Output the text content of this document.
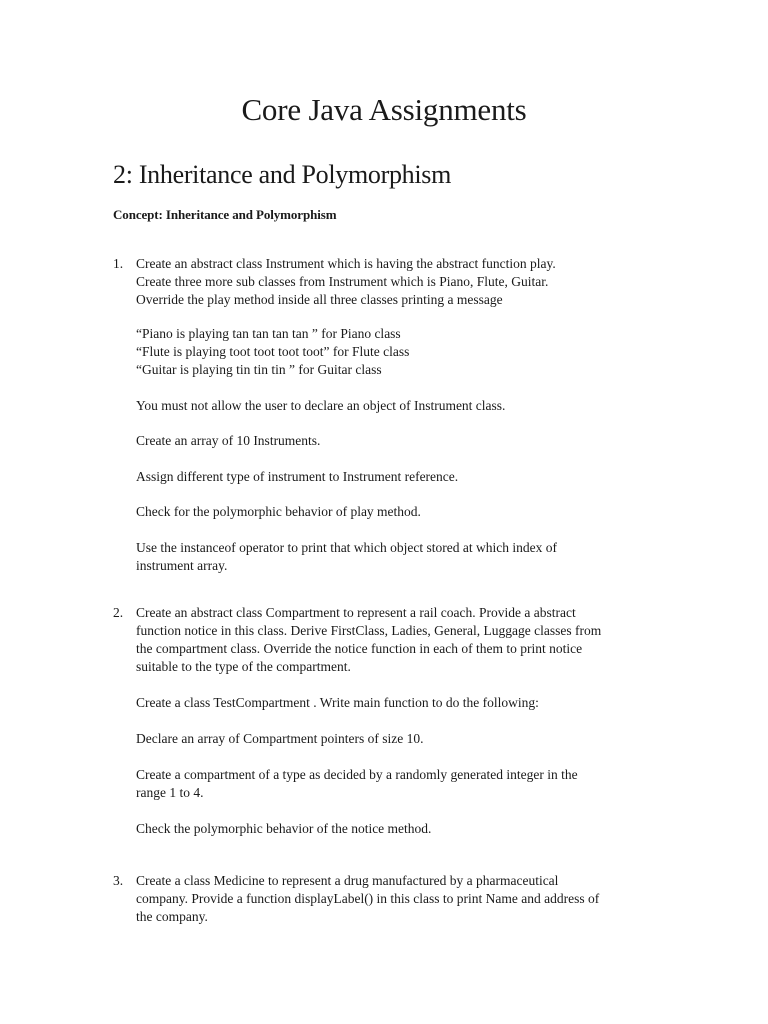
Core Java Assignments
2: Inheritance and Polymorphism

Concept: Inheritance and Polymorphism

1. Create an abstract class Instrument which is having the abstract function play.
Create three more sub classes from Instrument which is Piano, Flute, Guitar.
Override the play method inside all three classes printing a message
“Piano is playing tan tan tan tan ” for Piano class
“Flute is playing toot toot toot toot” for Flute class
“Guitar is playing tin tin tin ” for Guitar class
You must not allow the user to declare an object of Instrument class.
Create an array of 10 Instruments.
Assign different type of instrument to Instrument reference.
Check for the polymorphic behavior of play method.
Use the instanceof operator to print that which object stored at which index of
instrument array.
2. Create an abstract class Compartment to represent a rail coach. Provide a abstract
function notice in this class. Derive FirstClass, Ladies, General, Luggage classes from
the compartment class. Override the notice function in each of them to print notice
suitable to the type of the compartment.
Create a class TestCompartment . Write main function to do the following:
Declare an array of Compartment pointers of size 10.
Create a compartment of a type as decided by a randomly generated integer in the
range 1 to 4.
Check the polymorphic behavior of the notice method.
3. Create a class Medicine to represent a drug manufactured by a pharmaceutical
company. Provide a function displayLabel() in this class to print Name and address of
the company.
